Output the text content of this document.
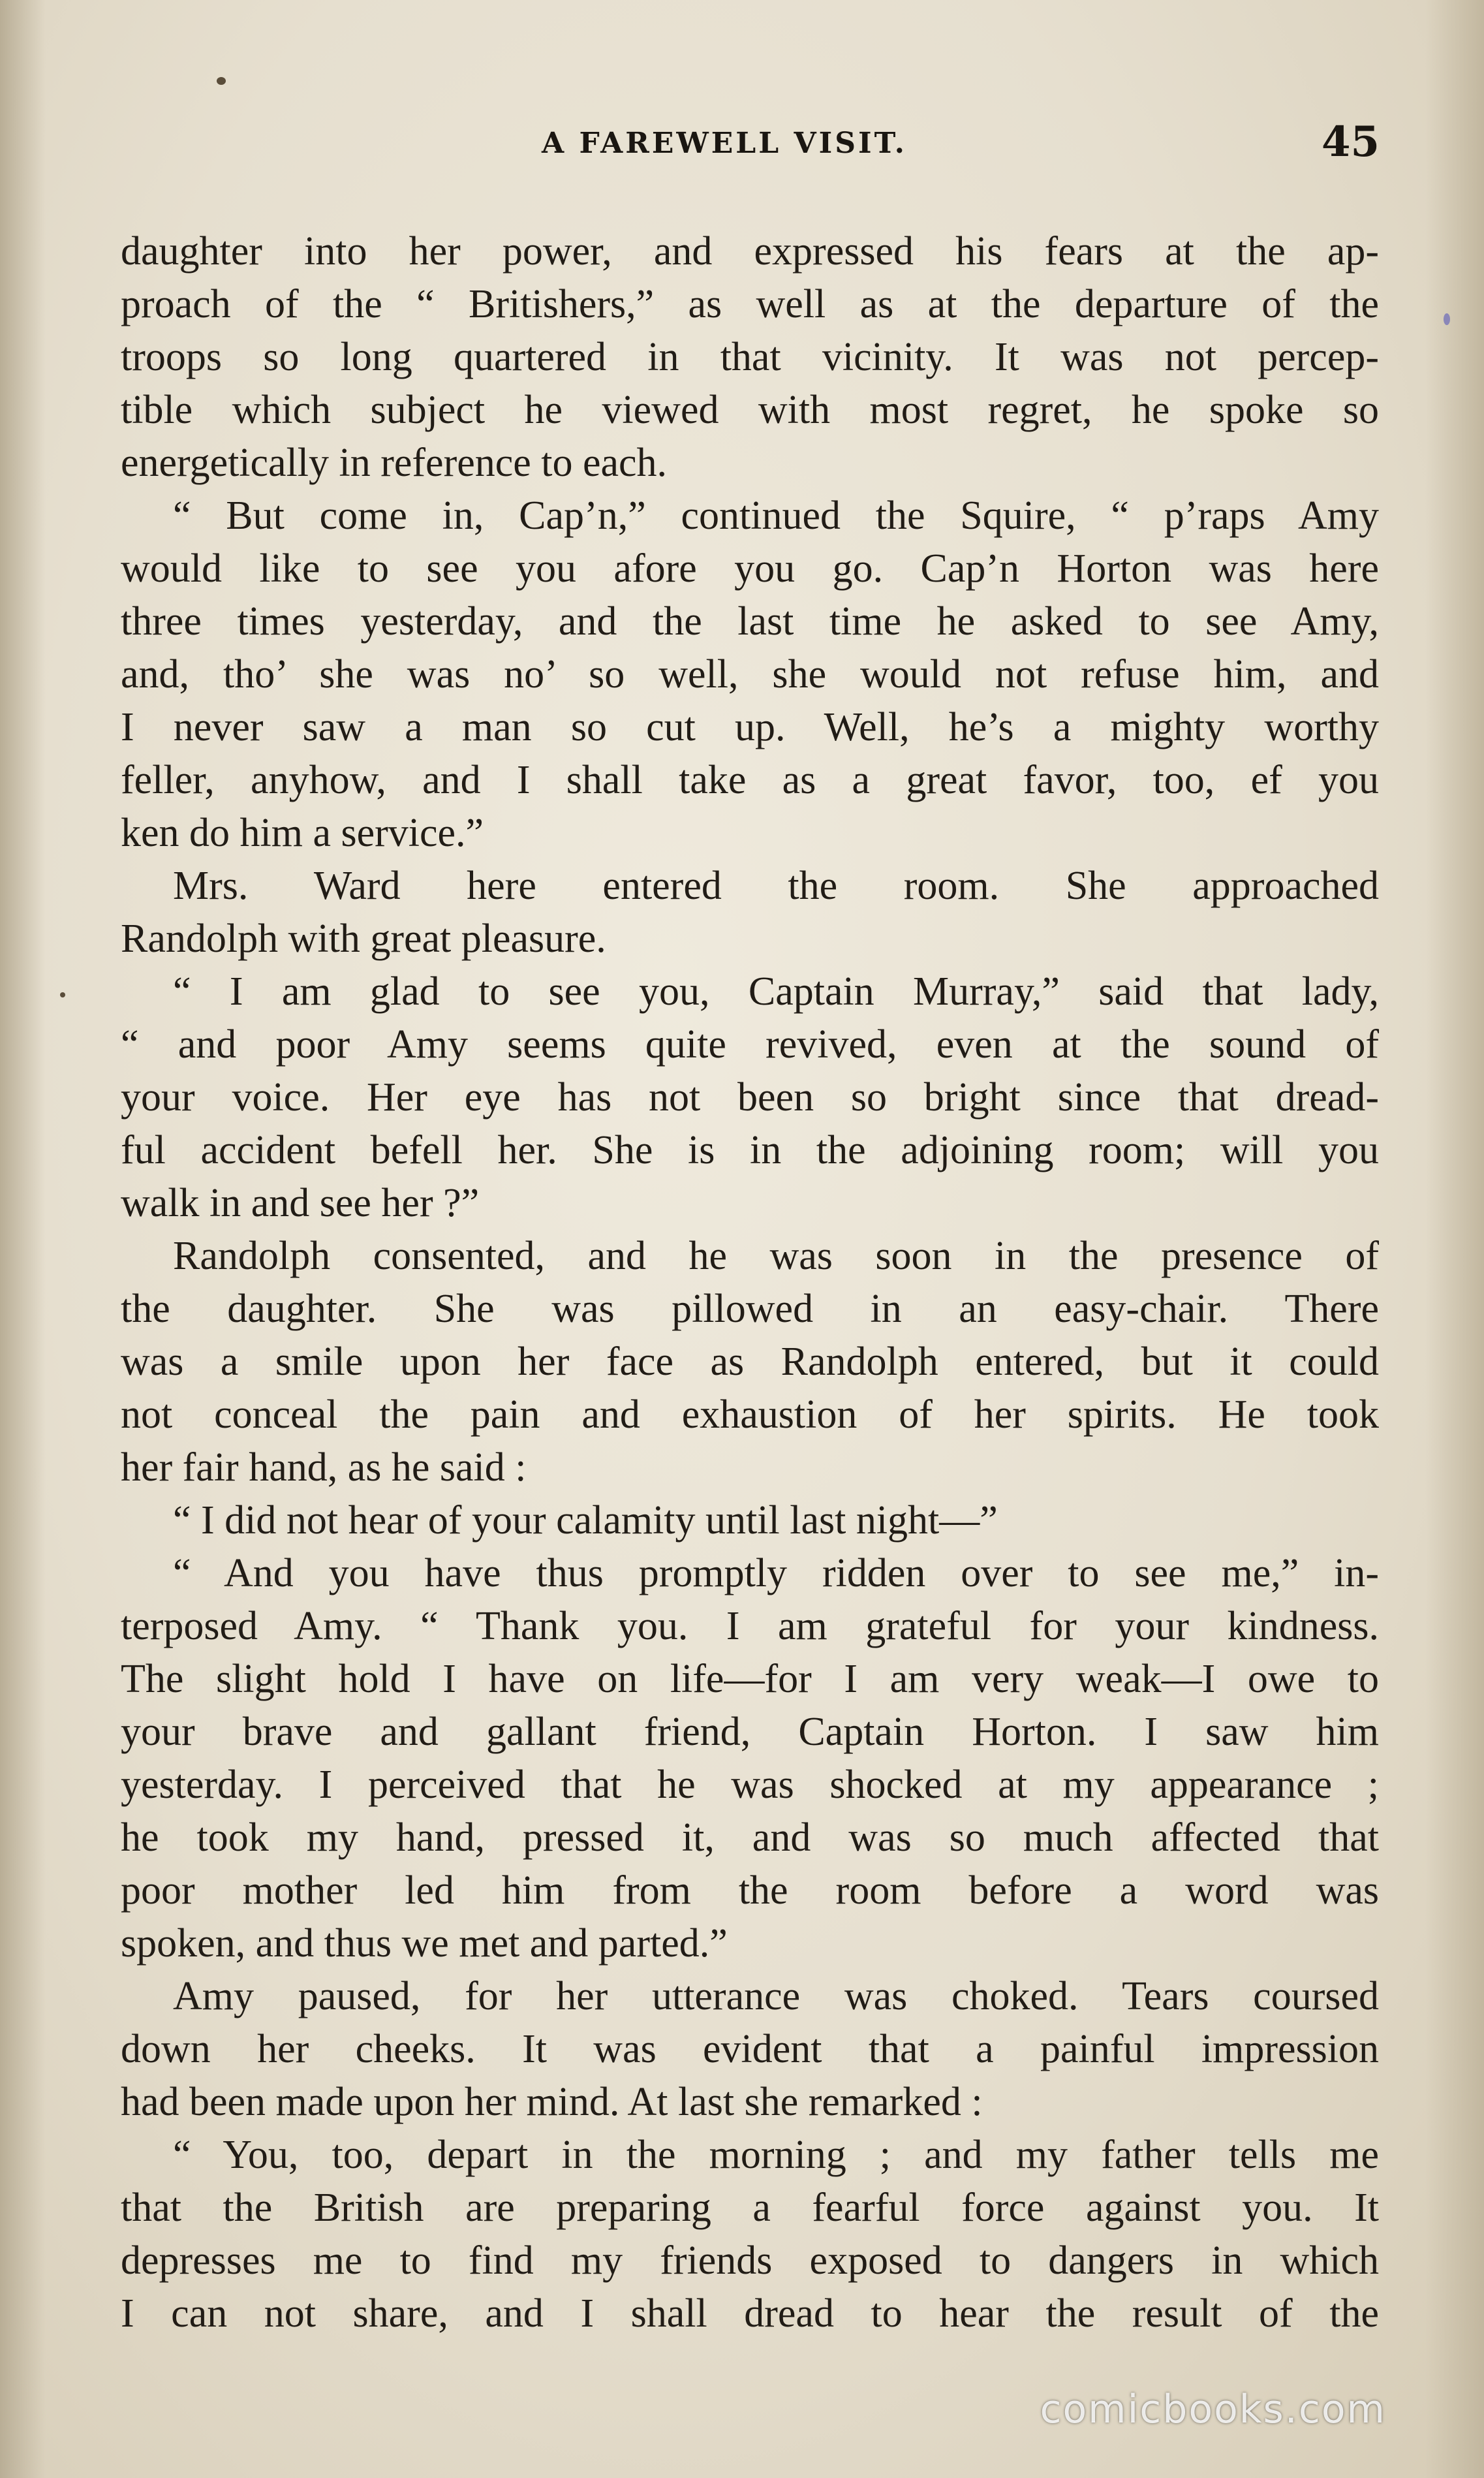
A FAREWELL VISIT.	45
daughter into her power, and expressed his fears at the ap-
proach of the “ Britishers,” as well as at the departure of the
troops so long quartered in that vicinity. It was not percep-
tible which subject he viewed with most regret, he spoke so
energetically in reference to each.
“ But come in, Cap’n,” continued the Squire, “ p’raps Amy
would like to see you afore you go. Cap’n Horton was here
three times yesterday, and the last time he asked to see Amy,
and, tho’ she was no’ so well, she would not refuse him, and
I never saw a man so cut up. Well, he’s a mighty worthy
feller, anyhow, and I shall take as a great favor, too, ef you
ken do him a service.”
Mrs. Ward here entered the room. She approached
Randolph with great pleasure.
“ I am glad to see you, Captain Murray,” said that lady,
“ and poor Amy seems quite revived, even at the sound of
your voice. Her eye has not been so bright since that dread-
ful accident befell her. She is in the adjoining room; will you
walk in and see her ?”
Randolph consented, and he was soon in the presence of
the daughter. She was pillowed in an easy-chair. There
was a smile upon her face as Randolph entered, but it could
not conceal the pain and exhaustion of her spirits. He took
her fair hand, as he said :
“ I did not hear of your calamity until last night—”
“ And you have thus promptly ridden over to see me,” in-
terposed Amy. “ Thank you. I am grateful for your kindness.
The slight hold I have on life—for I am very weak—I owe to
your brave and gallant friend, Captain Horton. I saw him
yesterday. I perceived that he was shocked at my appearance ;
he took my hand, pressed it, and was so much affected that
poor mother led him from the room before a word was
spoken, and thus we met and parted.”
Amy paused, for her utterance was choked. Tears coursed
down her cheeks. It was evident that a painful impression
had been made upon her mind. At last she remarked :
“ You, too, depart in the morning ; and my father tells me
that the British are preparing a fearful force against you. It
depresses me to find my friends exposed to dangers in which
I can not share, and I shall dread to hear the result of the
comicbooks.com
